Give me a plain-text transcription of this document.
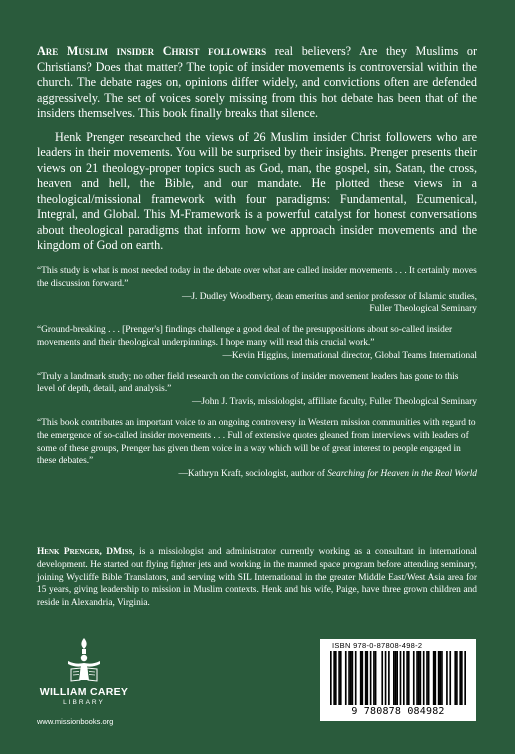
Are Muslim insider Christ followers real believers? Are they Muslims or Christians? Does that matter? The topic of insider movements is controversial within the church. The debate rages on, opinions differ widely, and convictions often are defended aggressively. The set of voices sorely missing from this hot debate has been that of the insiders themselves. This book finally breaks that silence.

Henk Prenger researched the views of 26 Muslim insider Christ followers who are leaders in their movements. You will be surprised by their insights. Prenger presents their views on 21 theology-proper topics such as God, man, the gospel, sin, Satan, the cross, heaven and hell, the Bible, and our mandate. He plotted these views in a theological/missional framework with four paradigms: Fundamental, Ecumenical, Integral, and Global. This M-Framework is a powerful catalyst for honest conversations about theological paradigms that inform how we approach insider movements and the kingdom of God on earth.

“This study is what is most needed today in the debate over what are called insider movements . . . It certainly moves the discussion forward.”
—J. Dudley Woodberry, dean emeritus and senior professor of Islamic studies,
Fuller Theological Seminary
“Ground-breaking . . . [Prenger's] findings challenge a good deal of the presuppositions about so-called insider movements and their theological underpinnings. I hope many will read this crucial work.”
—Kevin Higgins, international director, Global Teams International
“Truly a landmark study; no other field research on the convictions of insider movement leaders has gone to this level of depth, detail, and analysis.”
—John J. Travis, missiologist, affiliate faculty, Fuller Theological Seminary
“This book contributes an important voice to an ongoing controversy in Western mission communities with regard to the emergence of so-called insider movements . . . Full of extensive quotes gleaned from interviews with leaders of some of these groups, Prenger has given them voice in a way which will be of great interest to people engaged in these debates.”
—Kathryn Kraft, sociologist, author of Searching for Heaven in the Real World
Henk Prenger, DMiss, is a missiologist and administrator currently working as a consultant in international development. He started out flying fighter jets and working in the manned space program before attending seminary, joining Wycliffe Bible Translators, and serving with SIL International in the greater Middle East/West Asia area for 15 years, giving leadership to mission in Muslim contexts. Henk and his wife, Paige, have three grown children and reside in Alexandria, Virginia.
WILLIAM CAREY
LIBRARY
www.missionbooks.org
ISBN 978-0-87808-498-2
9 780878 084982
